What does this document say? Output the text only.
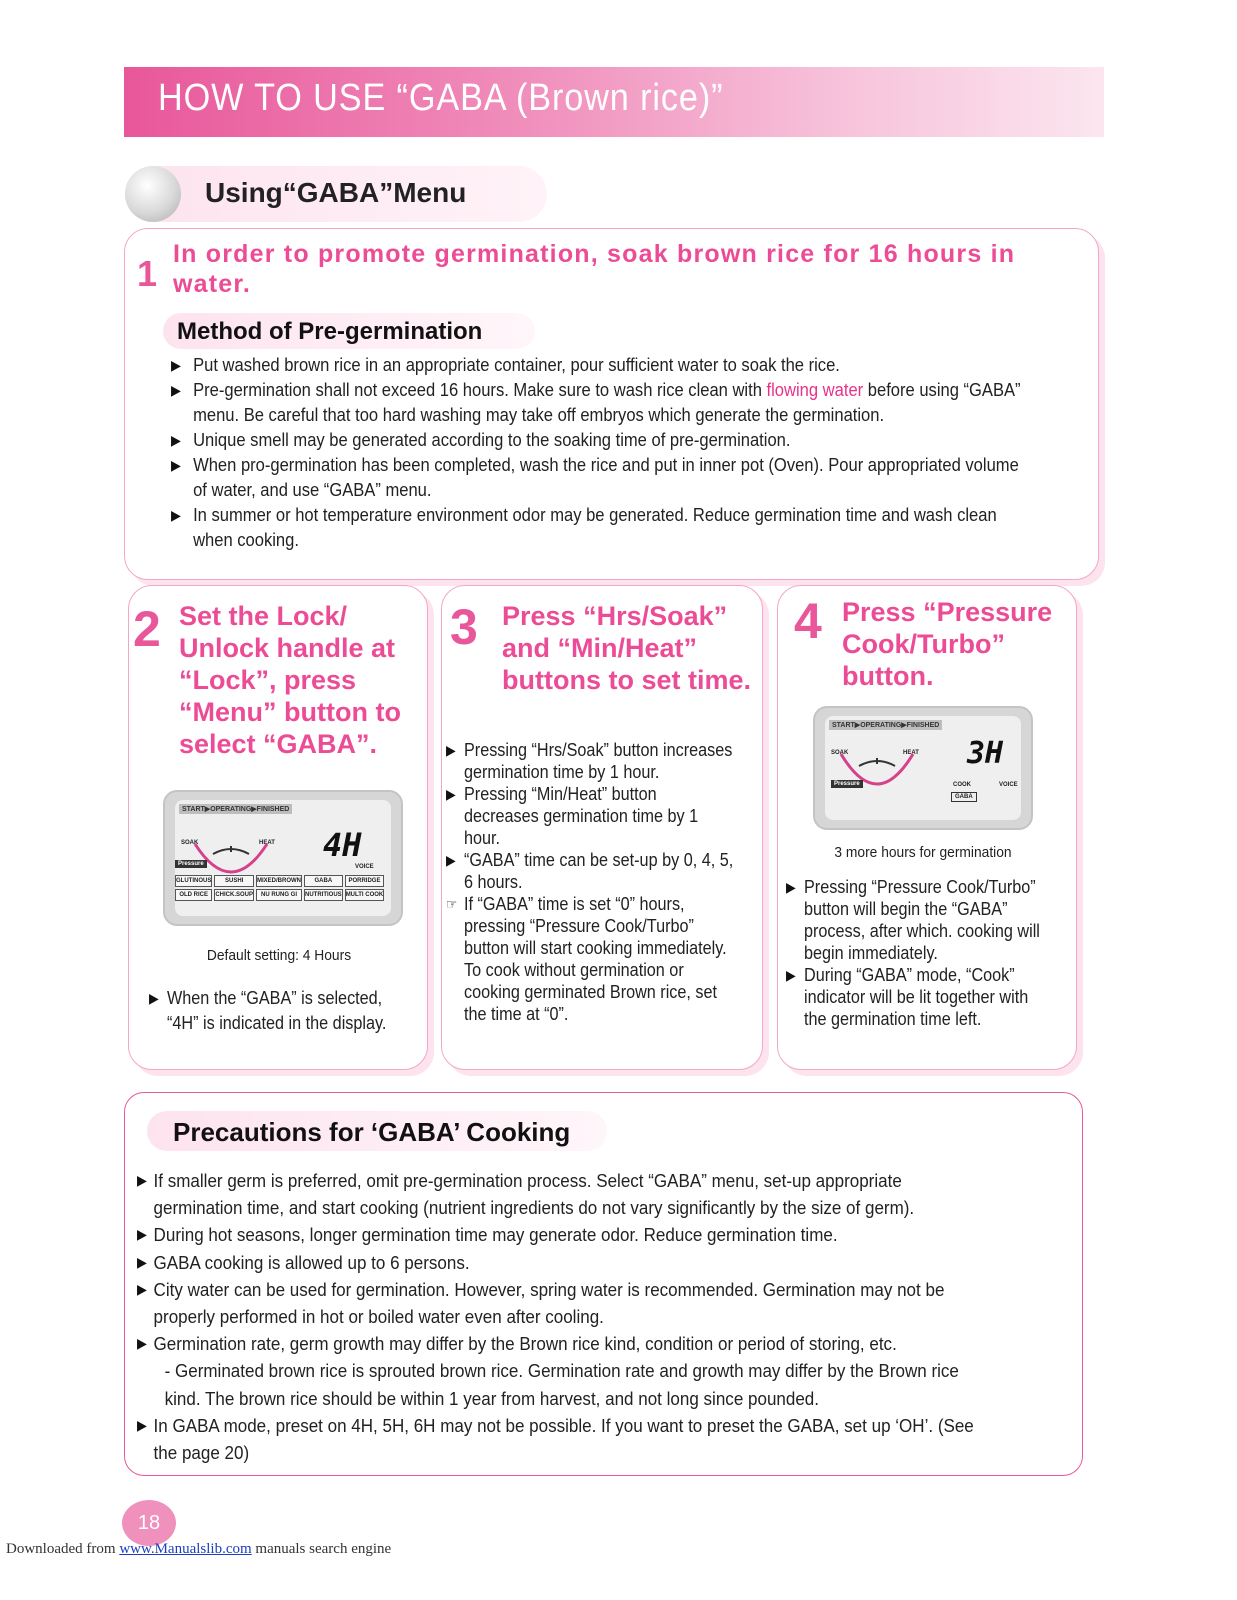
HOW TO USE “GABA (Brown rice)”
Using“GABA”Menu
1 In order to promote germination, soak brown rice for 16 hours in water.
Method of Pre-germination
▶ Put washed brown rice in an appropriate container, pour sufficient water to soak the rice.
▶ Pre-germination shall not exceed 16 hours. Make sure to wash rice clean with flowing water before using “GABA” menu. Be careful that too hard washing may take off embryos which generate the germination.
▶ Unique smell may be generated according to the soaking time of pre-germination.
▶ When pro-germination has been completed, wash the rice and put in inner pot (Oven). Pour appropriated volume of water, and use “GABA” menu.
▶ In summer or hot temperature environment odor may be generated. Reduce germination time and wash clean when cooking.
2 Set the Lock/ Unlock handle at “Lock”, press “Menu” button to select “GABA”.
START▶OPERATING▶FINISHED
SOAK	HEAT 4H
Pressure	VOICE
GLUTINOUS	SUSHI	MIXED/BROWN	GABA	PORRIDGE
OLD RICE	CHICK.SOUP	NU RUNG GI	NUTRITIOUS MULTI COOK
Default setting: 4 Hours
▶ When the “GABA” is selected, “4H” is indicated in the display.
3 Press “Hrs/Soak” and “Min/Heat” buttons to set time.
▶ Pressing “Hrs/Soak” button increases germination time by 1 hour.
▶ Pressing “Min/Heat” button decreases germination time by 1 hour.
▶ “GABA” time can be set-up by 0, 4, 5, 6 hours.
☞ If “GABA” time is set “0” hours, pressing “Pressure Cook/Turbo” button will start cooking immediately. To cook without germination or cooking germinated Brown rice, set the time at “0”.
4 Press “Pressure Cook/Turbo” button.
START▶OPERATING▶FINISHED
SOAK	HEAT 3H
Pressure	COOK	VOICE
GABA
3 more hours for germination
▶ Pressing “Pressure Cook/Turbo” button will begin the “GABA” process, after which. cooking will begin immediately.
▶ During “GABA” mode, “Cook” indicator will be lit together with the germination time left.
Precautions for ‘GABA’ Cooking
▶ If smaller germ is preferred, omit pre-germination process. Select “GABA” menu, set-up appropriate germination time, and start cooking (nutrient ingredients do not vary significantly by the size of germ).
▶ During hot seasons, longer germination time may generate odor. Reduce germination time.
▶ GABA cooking is allowed up to 6 persons.
▶ City water can be used for germination. However, spring water is recommended. Germination may not be properly performed in hot or boiled water even after cooling.
▶ Germination rate, germ growth may differ by the Brown rice kind, condition or period of storing, etc.
- Germinated brown rice is sprouted brown rice. Germination rate and growth may differ by the Brown rice kind. The brown rice should be within 1 year from harvest, and not long since pounded.
▶ In GABA mode, preset on 4H, 5H, 6H may not be possible. If you want to preset the GABA, set up ‘OH’. (See the page 20)
18
Downloaded from www.Manualslib.com manuals search engine
